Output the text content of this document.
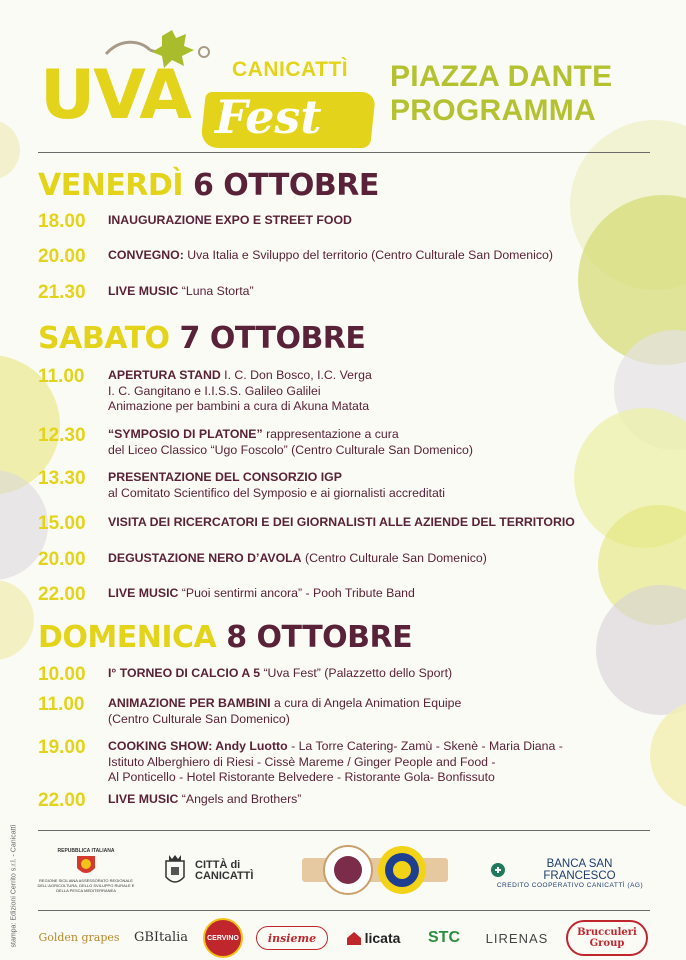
CANICATTÌ
UVA Fest
PIAZZA DANTE
PROGRAMMA
VENERDÌ 6 OTTOBRE
18.00	INAUGURAZIONE EXPO E STREET FOOD
20.00	CONVEGNO: Uva Italia e Sviluppo del territorio (Centro Culturale San Domenico)
21.30	LIVE MUSIC “Luna Storta”
SABATO 7 OTTOBRE
11.00	APERTURA STAND I. C. Don Bosco, I.C. Verga
I. C. Gangitano e I.I.S.S. Galileo Galilei
Animazione per bambini a cura di Akuna Matata
12.30	“SYMPOSIO DI PLATONE” rappresentazione a cura
del Liceo Classico “Ugo Foscolo” (Centro Culturale San Domenico)
13.30	PRESENTAZIONE DEL CONSORZIO IGP
al Comitato Scientifico del Symposio e ai giornalisti accreditati
15.00	VISITA DEI RICERCATORI E DEI GIORNALISTI ALLE AZIENDE DEL TERRITORIO
20.00	DEGUSTAZIONE NERO D’AVOLA (Centro Culturale San Domenico)
22.00	LIVE MUSIC “Puoi sentirmi ancora” - Pooh Tribute Band
DOMENICA 8 OTTOBRE
10.00	I° TORNEO DI CALCIO A 5 “Uva Fest” (Palazzetto dello Sport)
11.00	ANIMAZIONE PER BAMBINI a cura di Angela Animation Equipe
(Centro Culturale San Domenico)
19.00	COOKING SHOW: Andy Luotto - La Torre Catering- Zamù - Skenè - Maria Diana -
Istituto Alberghiero di Riesi - Cissè Mareme / Ginger People and Food -
Al Ponticello - Hotel Ristorante Belvedere - Ristorante Gola- Bonfissuto
22.00	LIVE MUSIC “Angels and Brothers”
stampa: Edizioni Cerrito s.r.l. - Canicattì	REPUBBLICA ITALIANA
REGIONE SICILIANA ASSESSORATO REGIONALE DELL'AGRICOLTURA, DELLO SVILUPPO RURALE E DELLA PESCA MEDITERRANEA
CITTÀ di CANICATTÌ
BANCA SAN FRANCESCO
CREDITO COOPERATIVO CANICATTÌ (AG)
Golden grapes GBItalia	CERVINO	insieme	licata STC LIRENAS	Brucculeri Group
